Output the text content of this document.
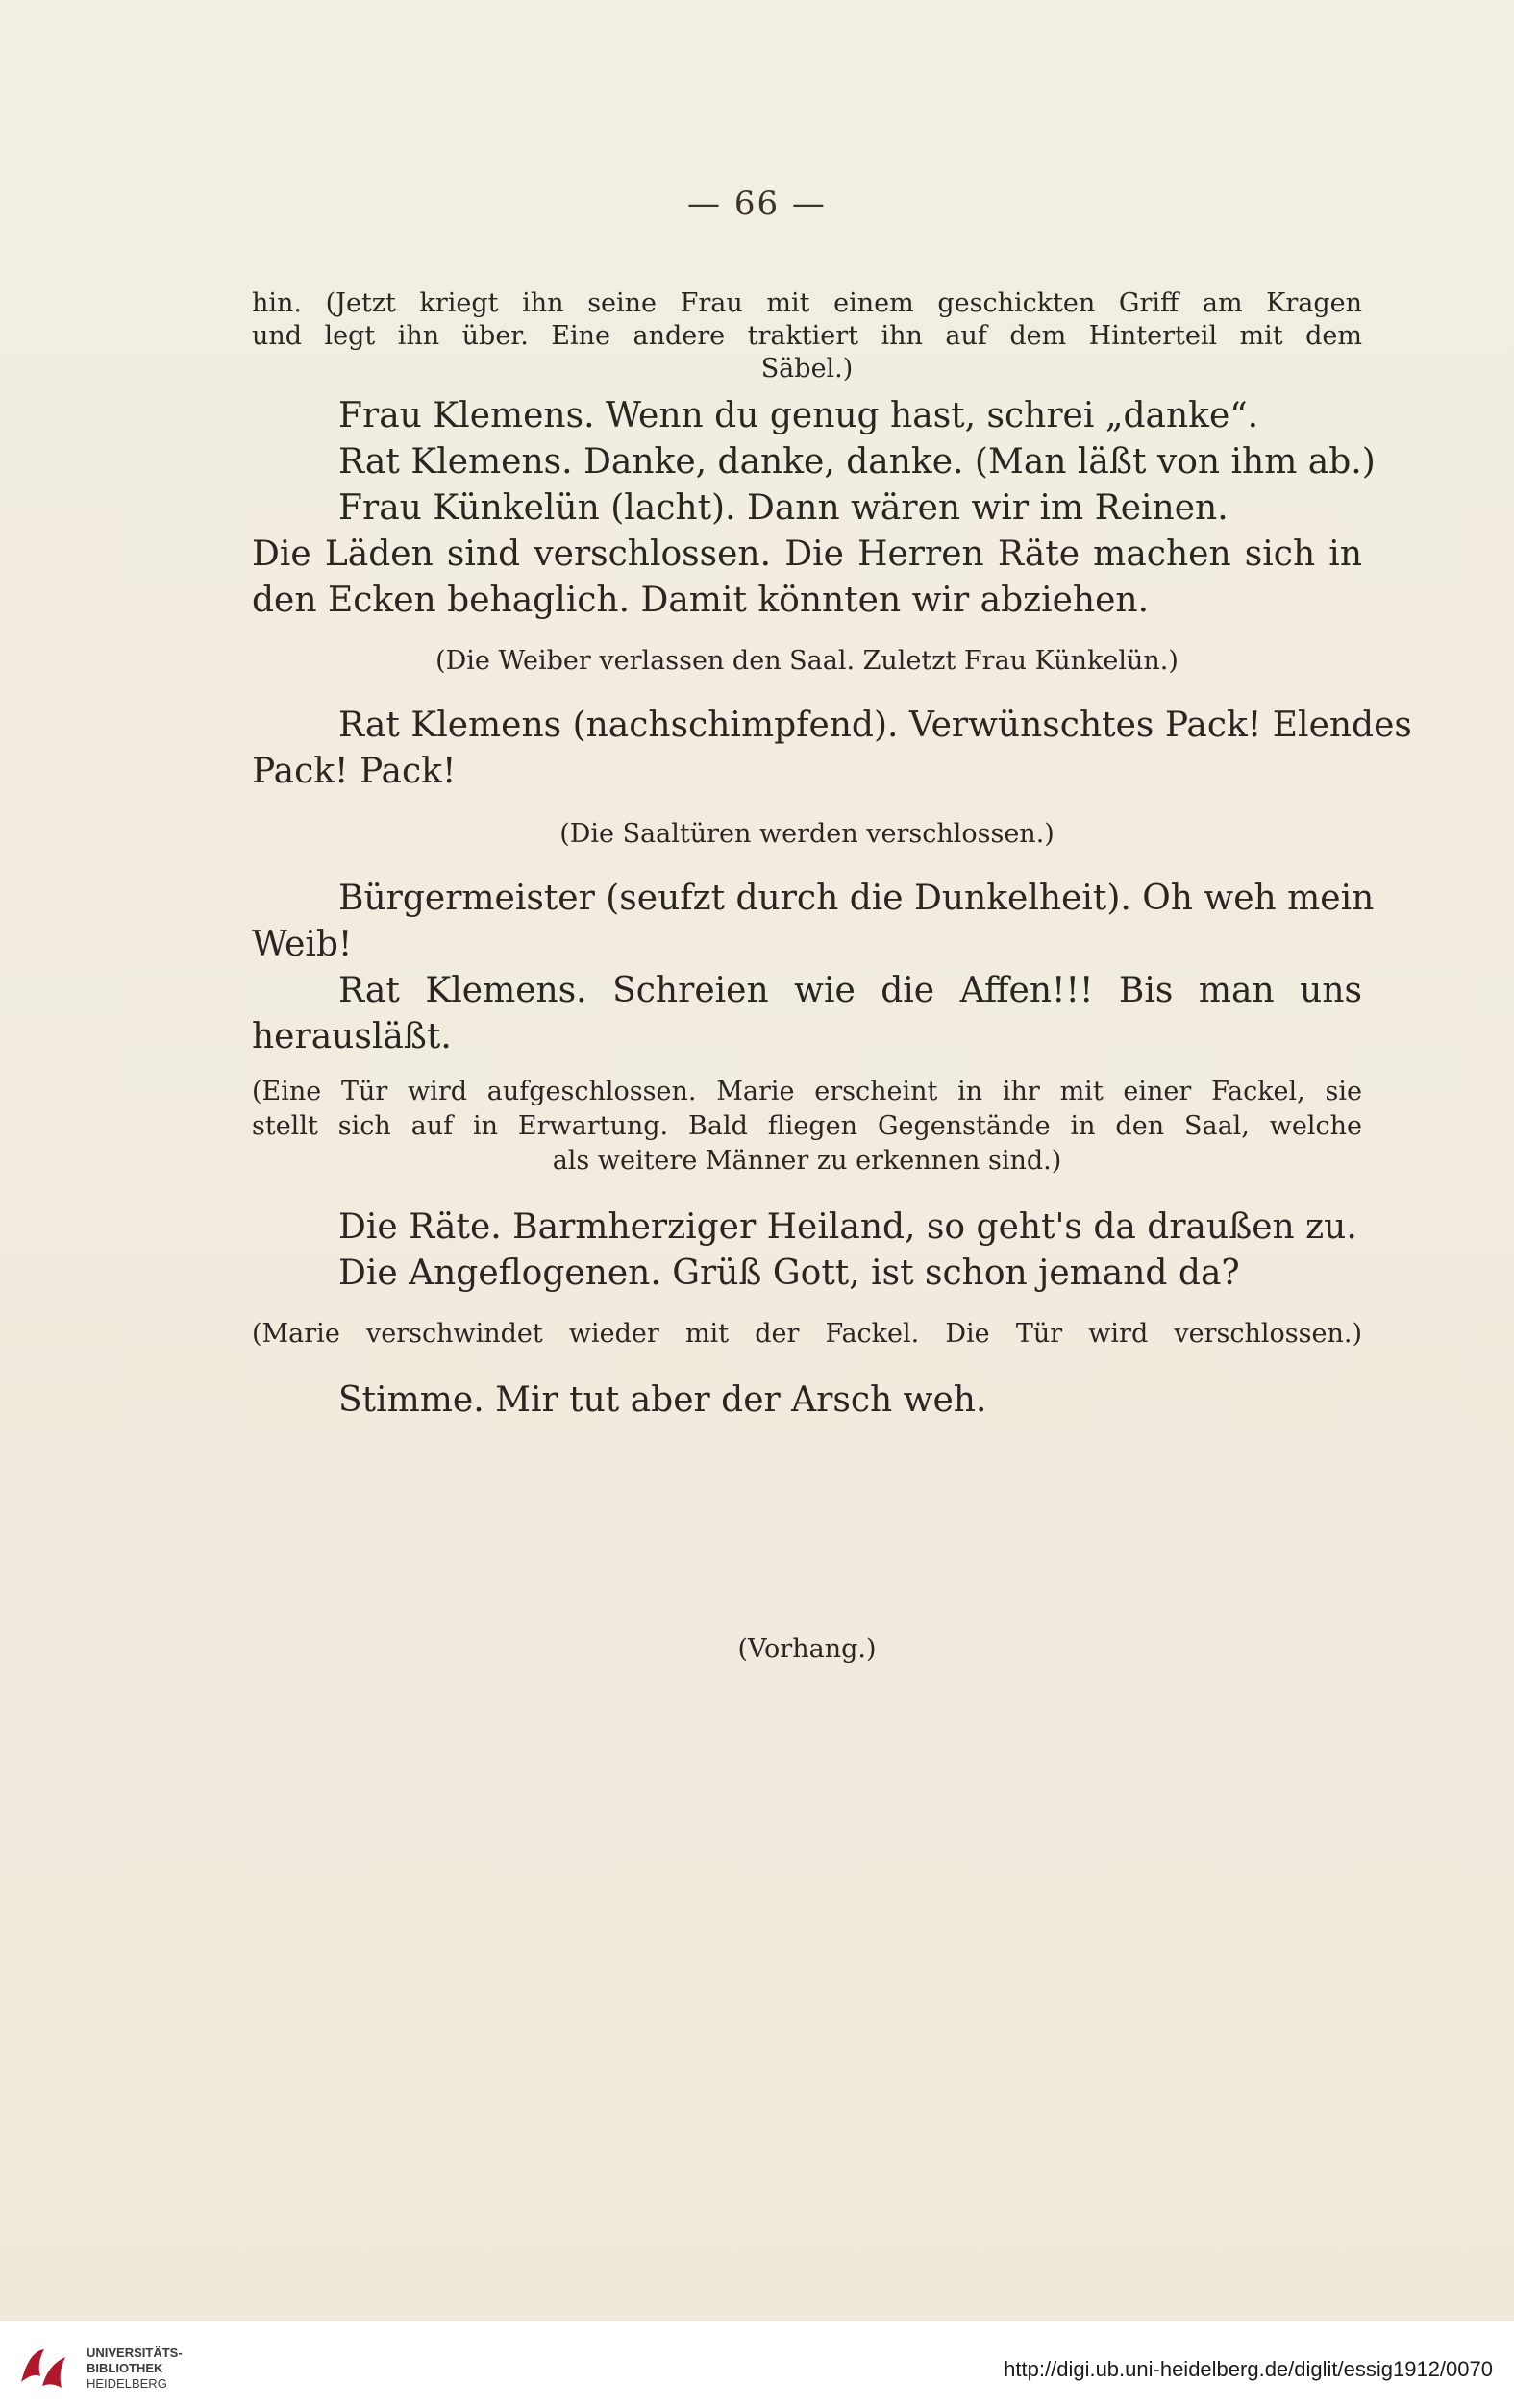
— 66 —
hin. (Jetzt kriegt ihn seine Frau mit einem geschickten Griff am Kragen
und legt ihn über. Eine andere traktiert ihn auf dem Hinterteil mit dem
Säbel.)
Frau Klemens. Wenn du genug hast, schrei „danke“.
Rat Klemens. Danke, danke, danke. (Man läßt von ihm ab.)
Frau Künkelün (lacht). Dann wären wir im Reinen.
Die Läden sind verschlossen. Die Herren Räte machen sich in
den Ecken behaglich. Damit könnten wir abziehen.
(Die Weiber verlassen den Saal. Zuletzt Frau Künkelün.)
Rat Klemens (nachschimpfend). Verwünschtes Pack! Elendes
Pack! Pack!
(Die Saaltüren werden verschlossen.)
Bürgermeister (seufzt durch die Dunkelheit). Oh weh mein
Weib!
Rat Klemens. Schreien wie die Affen!!! Bis man uns
herausläßt.
(Eine Tür wird aufgeschlossen. Marie erscheint in ihr mit einer Fackel, sie
stellt sich auf in Erwartung. Bald fliegen Gegenstände in den Saal, welche
als weitere Männer zu erkennen sind.)
Die Räte. Barmherziger Heiland, so geht's da draußen zu.
Die Angeflogenen. Grüß Gott, ist schon jemand da?
(Marie verschwindet wieder mit der Fackel. Die Tür wird verschlossen.)
Stimme. Mir tut aber der Arsch weh.
(Vorhang.)
UNIVERSITÄTS-
BIBLIOTHEK
HEIDELBERG
http://digi.ub.uni-heidelberg.de/diglit/essig1912/0070
